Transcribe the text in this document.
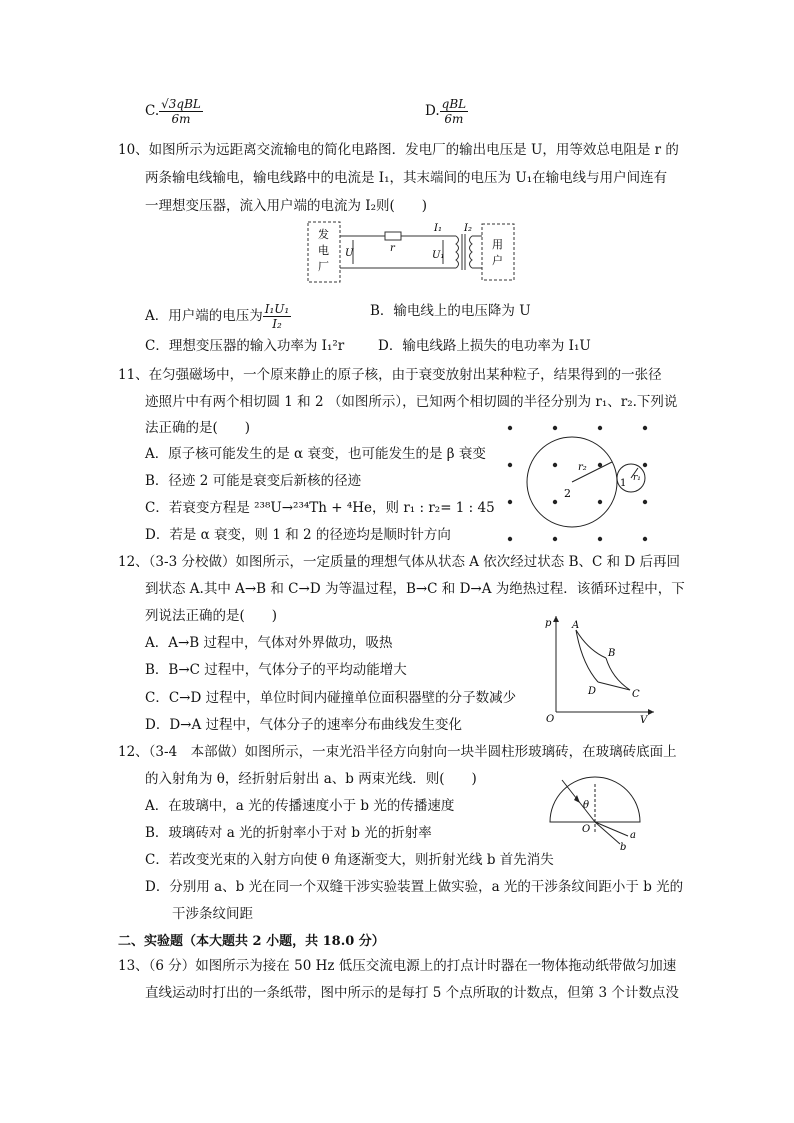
C. $\frac{\text{√3qBL}}{6m}$	D. $\frac{\text{qBL}}{6m}$
10、如图所示为远距离交流输电的简化电路图．发电厂的输出电压是 U，用等效总电阻是 r 的
两条输电线输电，输电线路中的电流是 I₁，其末端间的电压为 U₁在输电线与用户间连有
一理想变压器，流入用户端的电流为 I₂则(　　)
发
电
厂
r
U
I₁
U₁
I₂
用
户
A．用户端的电压为 $\frac{\text{I₁U₁}}{\text{I₂}}$	B．输电线上的电压降为 U
C．理想变压器的输入功率为 I₁²r	D．输电线路上损失的电功率为 I₁U
11、在匀强磁场中，一个原来静止的原子核，由于衰变放射出某种粒子，结果得到的一张径
迹照片中有两个相切圆 1 和 2 （如图所示），已知两个相切圆的半径分别为 r₁、r₂.下列说
法正确的是(　　)
A．原子核可能发生的是 α 衰变，也可能发生的是 β 衰变
B．径迹 2 可能是衰变后新核的径迹
C．若衰变方程是 ²³⁸U→²³⁴Th + ⁴He，则 r₁ : r₂= 1 : 45
D．若是 α 衰变，则 1 和 2 的径迹均是顺时针方向
r₂
r₁
2
1
12、（3-3 分校做）如图所示，一定质量的理想气体从状态 A 依次经过状态 B、C 和 D 后再回
到状态 A.其中 A→B 和 C→D 为等温过程，B→C 和 D→A 为绝热过程．该循环过程中，下
列说法正确的是(　　)
A．A→B 过程中，气体对外界做功，吸热
B．B→C 过程中，气体分子的平均动能增大
C．C→D 过程中，单位时间内碰撞单位面积器壁的分子数减少
D．D→A 过程中，气体分子的速率分布曲线发生变化
p
V
O
A
B
C
D
12、（3-4　本部做）如图所示，一束光沿半径方向射向一块半圆柱形玻璃砖，在玻璃砖底面上
的入射角为 θ，经折射后射出 a、b 两束光线．则(　　)
A．在玻璃中，a 光的传播速度小于 b 光的传播速度
B．玻璃砖对 a 光的折射率小于对 b 光的折射率
C．若改变光束的入射方向使 θ 角逐渐变大，则折射光线 b 首先消失
D．分别用 a、b 光在同一个双缝干涉实验装置上做实验，a 光的干涉条纹间距小于 b 光的
干涉条纹间距
θ
O
a
b
二、实验题（本大题共 2 小题，共 18.0 分）
13、（6 分）如图所示为接在 50 Hz 低压交流电源上的打点计时器在一物体拖动纸带做匀加速
直线运动时打出的一条纸带，图中所示的是每打 5 个点所取的计数点，但第 3 个计数点没
